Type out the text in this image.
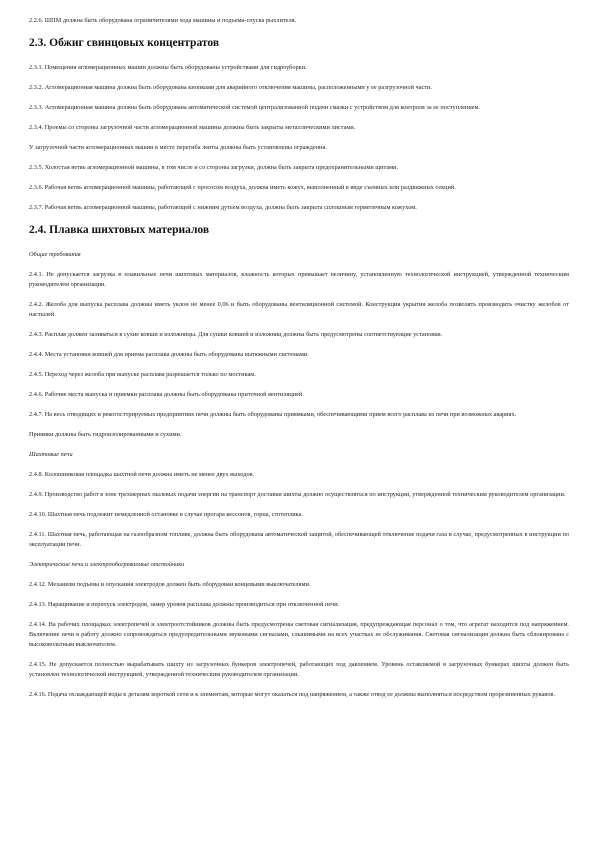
2.2.6. ШПМ должна быть оборудована ограничителями хода машины и подъема-спуска рыхлителя.

2.3. Обжиг свинцовых концентратов

2.3.1. Помещения агломерационных машин должны быть оборудованы устройствами для гидроуборки.

2.3.2. Агломерационная машина должна быть оборудована кнопками для аварийного отключения машины, расположенными у ее разгрузочной части.

2.3.3. Агломерационная машина должна быть оборудована автоматической системой централизованной подачи смазки с устройством для контроля за ее поступлением.

2.3.4. Проемы со стороны загрузочной части агломерационной машины должны быть закрыты металлическими листами.

У загрузочной части агломерационных машин в месте перегиба ленты должны быть установлены ограждения.

2.3.5. Холостая ветвь агломерационной машины, в том числе и со стороны загрузки, должна быть закрыта предохранительными щитами.

2.3.6. Рабочая ветвь агломерационной машины, работающей с прососом воздуха, должна иметь кожух, выполненный в виде съемных или раздвижных секций.

2.3.7. Рабочая ветвь агломерационной машины, работающей с нижним дутьем воздуха, должна быть закрыта сплошным герметичным кожухом.

2.4. Плавка шихтовых материалов

Общие требования

2.4.1. Не допускается загрузка в плавильные печи шихтовых материалов, влажность которых превышает величину, установленную технологической инструкцией, утвержденной техническим руководителем организации.

2.4.2. Желоба для выпуска расплава должны иметь уклон не менее 0,06 и быть оборудованы вентиляционной системой. Конструкция укрытия желоба позволять производить очистку желобов от настылей.

2.4.3. Расплав должен заливаться в сухие ковши и изложницы. Для сушки ковшей и изложниц должны быть предусмотрены соответствующие установки.

2.4.4. Места установки ковшей для приема расплава должны быть оборудованы вытяжными системами.

2.4.5. Переход через желоба при выпуске расплава разрешается только по мостикам.

2.4.6. Рабочие места выпуска и приемки расплава должны быть оборудованы приточной вентиляцией.

2.4.7. На весь отводящих и рекогосттрируемых предприятиях печи должны быть оборудованы приямками, обеспечивающими прием всего расплава из печи при возможных авариях.

Приямки должны быть гидроизолированными и сухими.

Шахтовые печи

2.4.8. Колошниковая площадка шахтной печи должна иметь не менее двух выходов.

2.4.9. Производство работ в зоне трехмерных пылевых подачи энергии на транспорт доставки шихты должно осуществляться по инструкции, утвержденной техническим руководителем организации.

2.4.10. Шахтная печь подлежит немедленной остановке в случае прогара кессонов, горна, стотеплика.

2.4.11. Шахтная печь, работающая на газообразном топливе, должна быть оборудована автоматической защитой, обеспечивающей отключение подачи газа в случае, предусмотренных в инструкции по эксплуатации печи.

Электрические печи и электрообогреваемые отстойники

2.4.12. Механизм подъема и опускания электродов должен быть оборудован концевыми выключателями.

2.4.13. Наращивание и перепуск электродов, замер уровня расплава должны производиться при отключенной печи.

2.4.14. На рабочих площадках электропечей и электроотстойников должны быть предусмотрены световая сигнализация, предупреждающая персонал о том, что агрегат находится под напряжением. Включение печи в работу должно сопровождаться предупредительными звуковыми сигналами, слышимыми на всех участках ее обслуживания. Световая сигнализация должна быть сблокирована с высоковольтным выключателем.

2.4.15. Не допускается полностью вырабатывать шихту из загрузочных бункеров электропечей, работающих под давлением. Уровень оставляемой в загрузочных бункерах шихты должен быть установлен технологической инструкцией, утвержденной техническим руководителем организации.

2.4.16. Подача охлаждающей воды к деталям короткой сети и к элементам, которые могут оказаться под напряжением, а также отвод ее должны выполняться посредством прорезиненных рукавов.
